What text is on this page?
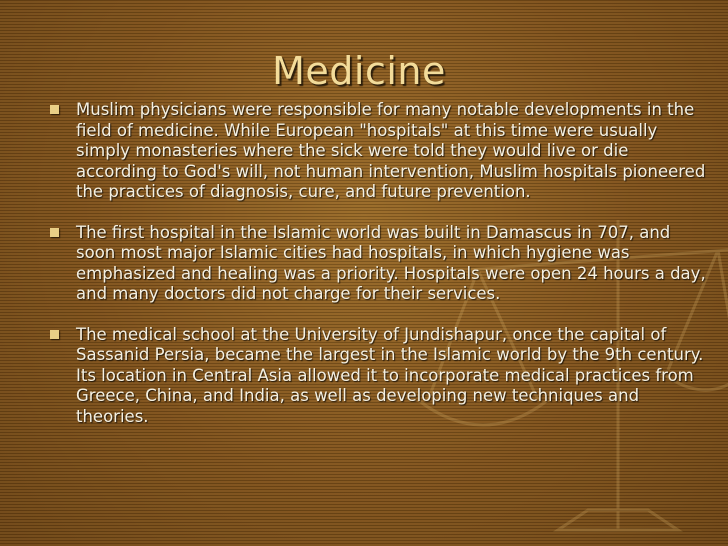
Medicine
Muslim physicians were responsible for many notable developments in the field of medicine. While European "hospitals" at this time were usually simply monasteries where the sick were told they would live or die according to God's will, not human intervention, Muslim hospitals pioneered the practices of diagnosis, cure, and future prevention.
The first hospital in the Islamic world was built in Damascus in 707, and soon most major Islamic cities had hospitals, in which hygiene was emphasized and healing was a priority. Hospitals were open 24 hours a day, and many doctors did not charge for their services.
The medical school at the University of Jundishapur, once the capital of Sassanid Persia, became the largest in the Islamic world by the 9th century. Its location in Central Asia allowed it to incorporate medical practices from Greece, China, and India, as well as developing new techniques and theories.
